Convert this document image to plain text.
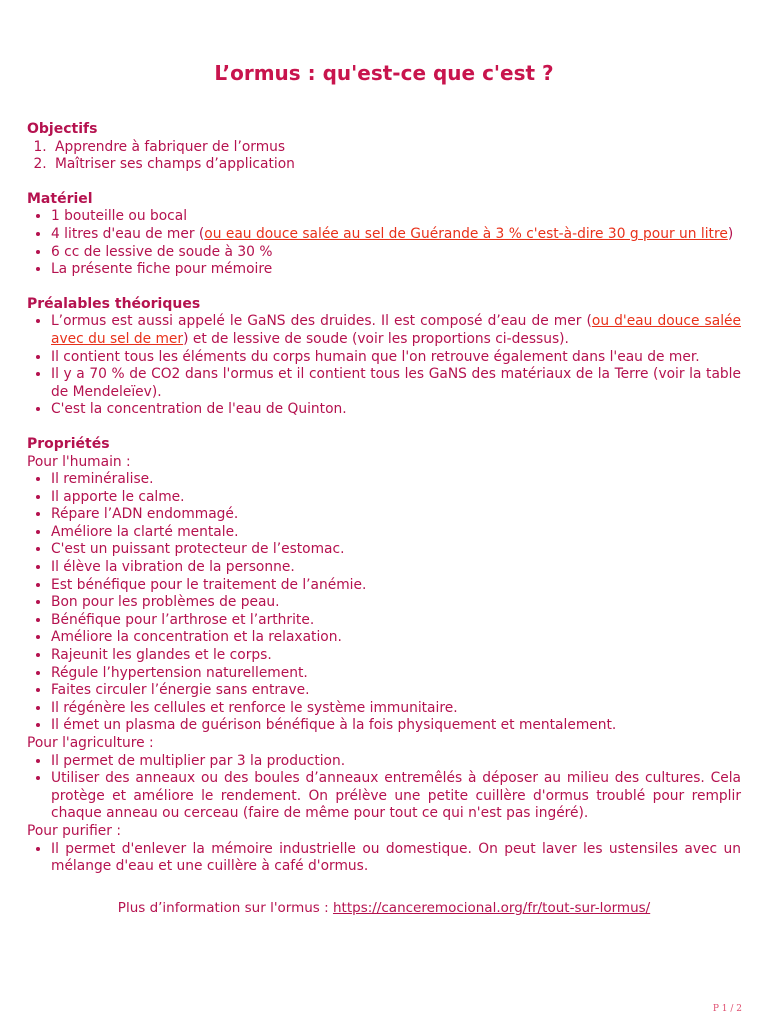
L’ormus : qu'est-ce que c'est ?
Objectifs
1. Apprendre à fabriquer de l’ormus
2. Maîtriser ses champs d’application
Matériel
• 1 bouteille ou bocal
• 4 litres d'eau de mer (ou eau douce salée au sel de Guérande à 3 % c'est-à-dire 30 g pour un litre)
• 6 cc de lessive de soude à 30 %
• La présente fiche pour mémoire
Préalables théoriques
• L’ormus est aussi appelé le GaNS des druides. Il est composé d’eau de mer (ou d'eau douce salée avec du sel de mer) et de lessive de soude (voir les proportions ci-dessus).
• Il contient tous les éléments du corps humain que l'on retrouve également dans l'eau de mer.
• Il y a 70 % de CO2 dans l'ormus et il contient tous les GaNS des matériaux de la Terre (voir la table de Mendeleïev).
• C'est la concentration de l'eau de Quinton.
Propriétés

Pour l'humain :

• Il reminéralise.
• Il apporte le calme.
• Répare l’ADN endommagé.
• Améliore la clarté mentale.
• C'est un puissant protecteur de l’estomac.
• Il élève la vibration de la personne.
• Est bénéfique pour le traitement de l’anémie.
• Bon pour les problèmes de peau.
• Bénéfique pour l’arthrose et l’arthrite.
• Améliore la concentration et la relaxation.
• Rajeunit les glandes et le corps.
• Régule l’hypertension naturellement.
• Faites circuler l’énergie sans entrave.
• Il régénère les cellules et renforce le système immunitaire.
• Il émet un plasma de guérison bénéfique à la fois physiquement et mentalement.

Pour l'agriculture :

• Il permet de multiplier par 3 la production.
• Utiliser des anneaux ou des boules d’anneaux entremêlés à déposer au milieu des cultures. Cela protège et améliore le rendement. On prélève une petite cuillère d'ormus troublé pour remplir chaque anneau ou cerceau (faire de même pour tout ce qui n'est pas ingéré).

Pour purifier :

• Il permet d'enlever la mémoire industrielle ou domestique. On peut laver les ustensiles avec un mélange d'eau et une cuillère à café d'ormus.
Plus d’information sur l'ormus : https://canceremocional.org/fr/tout-sur-lormus/
P 1 / 2
